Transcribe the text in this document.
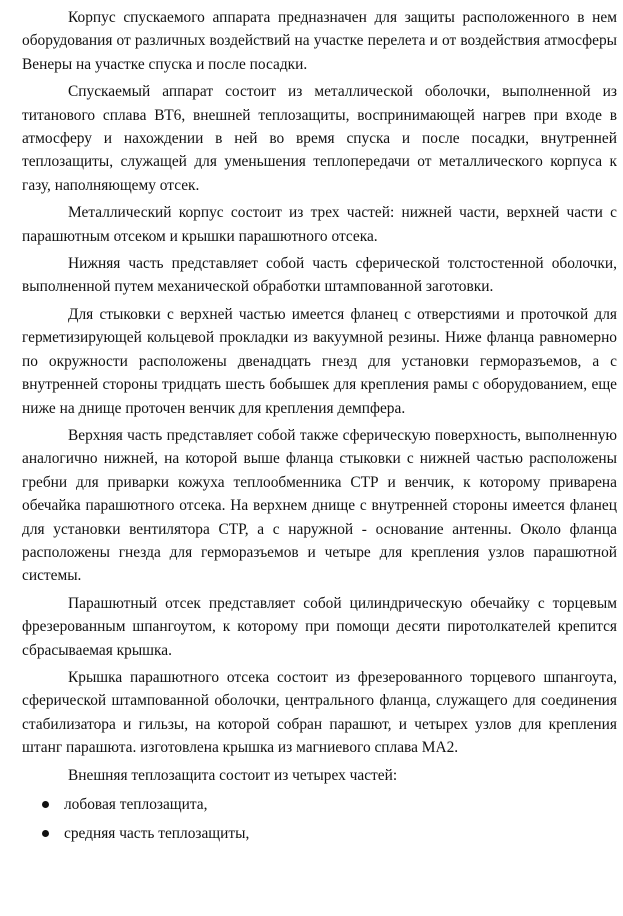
Корпус спускаемого аппарата предназначен для защиты расположенного в нем оборудования от различных воздействий на участке перелета и от воздействия атмосферы Венеры на участке спуска и после посадки.

Спускаемый аппарат состоит из металлической оболочки, выполненной из титанового сплава ВТ6, внешней теплозащиты, воспринимающей нагрев при входе в атмосферу и нахождении в ней во время спуска и после посадки, внутренней теплозащиты, служащей для уменьшения теплопередачи от металлического корпуса к газу, наполняющему отсек.

Металлический корпус состоит из трех частей: нижней части, верхней части с парашютным отсеком и крышки парашютного отсека.

Нижняя часть представляет собой часть сферической толстостенной оболочки, выполненной путем механической обработки штампованной заготовки.

Для стыковки с верхней частью имеется фланец с отверстиями и проточкой для герметизирующей кольцевой прокладки из вакуумной резины. Ниже фланца равномерно по окружности расположены двенадцать гнезд для установки герморазъемов, а с внутренней стороны тридцать шесть бобышек для крепления рамы с оборудованием, еще ниже на днище проточен венчик для крепления демпфера.

Верхняя часть представляет собой также сферическую поверхность, выполненную аналогично нижней, на которой выше фланца стыковки с нижней частью расположены гребни для приварки кожуха теплообменника СТР и венчик, к которому приварена обечайка парашютного отсека. На верхнем днище с внутренней стороны имеется фланец для установки вентилятора СТР, а с наружной - основание антенны. Около фланца расположены гнезда для герморазъемов и четыре для крепления узлов парашютной системы.

Парашютный отсек представляет собой цилиндрическую обечайку с торцевым фрезерованным шпангоутом, к которому при помощи десяти пиротолкателей крепится сбрасываемая крышка.

Крышка парашютного отсека состоит из фрезерованного торцевого шпангоута, сферической штампованной оболочки, центрального фланца, служащего для соединения стабилизатора и гильзы, на которой собран парашют, и четырех узлов для крепления штанг парашюта. изготовлена крышка из магниевого сплава МА2.

Внешняя теплозащита состоит из четырех частей:

лобовая теплозащита,
средняя часть теплозащиты,
